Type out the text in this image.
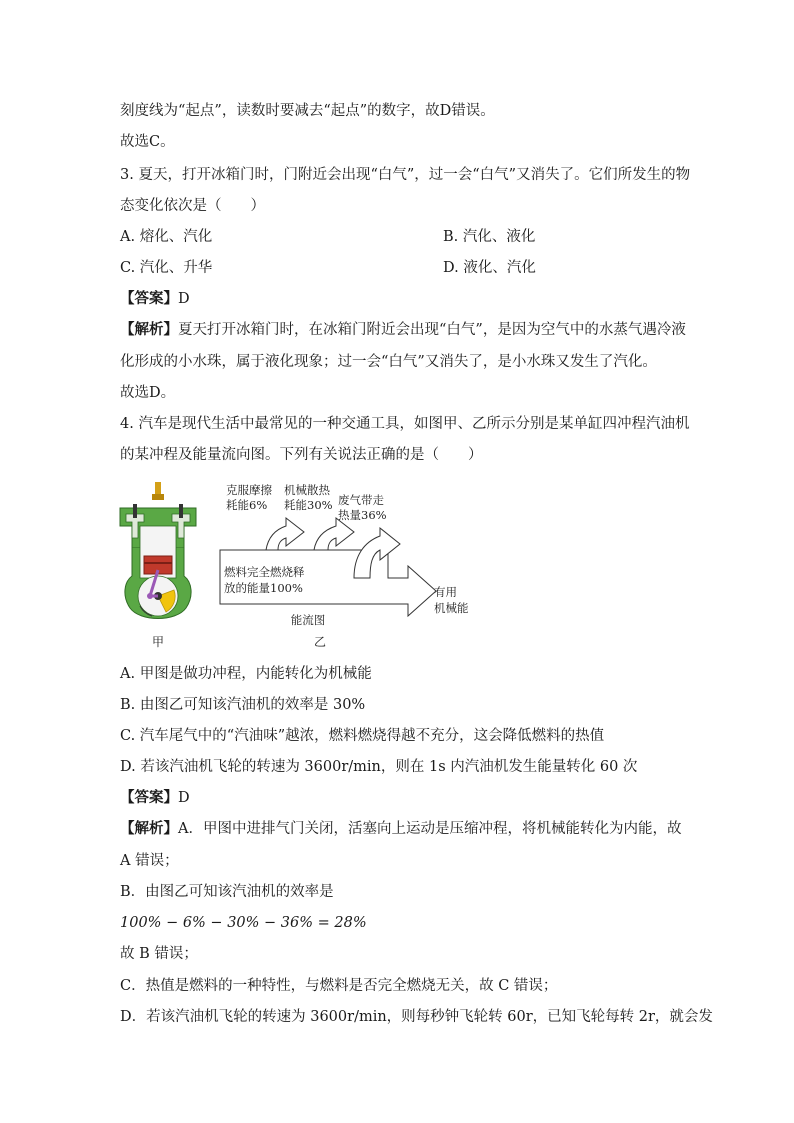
刻度线为“起点”，读数时要减去“起点”的数字，故D错误。
故选C。
3. 夏天，打开冰箱门时，门附近会出现“白气”，过一会“白气”又消失了。它们所发生的物
态变化依次是（　　）
A. 熔化、汽化	B. 汽化、液化
C. 汽化、升华	D. 液化、汽化
【答案】D
【解析】夏天打开冰箱门时，在冰箱门附近会出现“白气”，是因为空气中的水蒸气遇冷液
化形成的小水珠，属于液化现象；过一会“白气”又消失了，是小水珠又发生了汽化。
故选D。
4. 汽车是现代生活中最常见的一种交通工具，如图甲、乙所示分别是某单缸四冲程汽油机
的某冲程及能量流向图。下列有关说法正确的是（　　）
甲
克服摩擦
耗能6%
机械散热
耗能30% 废气带走
热量36%
燃料完全燃烧释
放的能量100%	有用
机械能
能流图
乙
A. 甲图是做功冲程，内能转化为机械能
B. 由图乙可知该汽油机的效率是 30%
C. 汽车尾气中的“汽油味”越浓，燃料燃烧得越不充分，这会降低燃料的热值
D. 若该汽油机飞轮的转速为 3600r/min，则在 1s 内汽油机发生能量转化 60 次
【答案】D
【解析】A．甲图中进排气门关闭，活塞向上运动是压缩冲程，将机械能转化为内能，故
A 错误；
B．由图乙可知该汽油机的效率是
100% − 6% − 30% − 36% = 28%
故 B 错误；
C．热值是燃料的一种特性，与燃料是否完全燃烧无关，故 C 错误；
D．若该汽油机飞轮的转速为 3600r/min，则每秒钟飞轮转 60r，已知飞轮每转 2r，就会发
